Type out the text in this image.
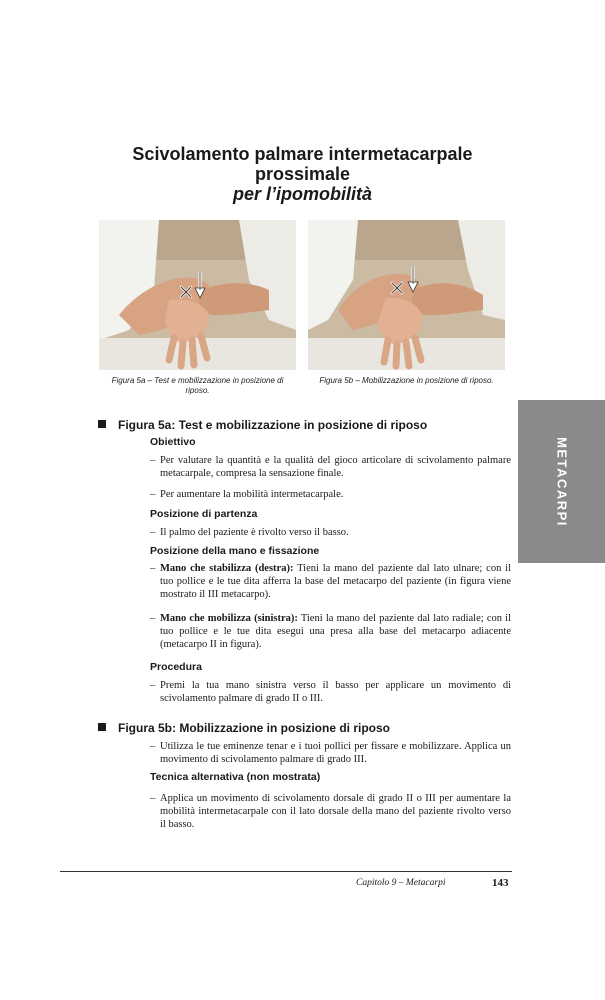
Scivolamento palmare intermetacarpale
prossimale
per l’ipomobilità
Figura 5a – Test e mobilizzazione in posizione di riposo.
Figura 5b – Mobilizzazione in posizione di riposo.
METACARPI
Figura 5a: Test e mobilizzazione in posizione di riposo
Obiettivo
– Per valutare la quantità e la qualità del gioco articolare di scivolamento palmare metacarpale, compresa la sensazione finale.
– Per aumentare la mobilità intermetacarpale.
Posizione di partenza
– Il palmo del paziente è rivolto verso il basso.
Posizione della mano e fissazione
– Mano che stabilizza (destra): Tieni la mano del paziente dal lato ulnare; con il tuo pollice e le tue dita afferra la base del metacarpo del paziente (in figura viene mostrato il III metacarpo).
– Mano che mobilizza (sinistra): Tieni la mano del paziente dal lato radiale; con il tuo pollice e le tue dita esegui una presa alla base del metacarpo adiacente (metacarpo II in figura).
Procedura
– Premi la tua mano sinistra verso il basso per applicare un movimento di scivolamento palmare di grado II o III.
Figura 5b: Mobilizzazione in posizione di riposo
– Utilizza le tue eminenze tenar e i tuoi pollici per fissare e mobilizzare. Applica un movimento di scivolamento palmare di grado III.
Tecnica alternativa (non mostrata)
– Applica un movimento di scivolamento dorsale di grado II o III per aumentare la mobilità intermetacarpale con il lato dorsale della mano del paziente rivolto verso il basso.
Capitolo 9 – Metacarpi	143
